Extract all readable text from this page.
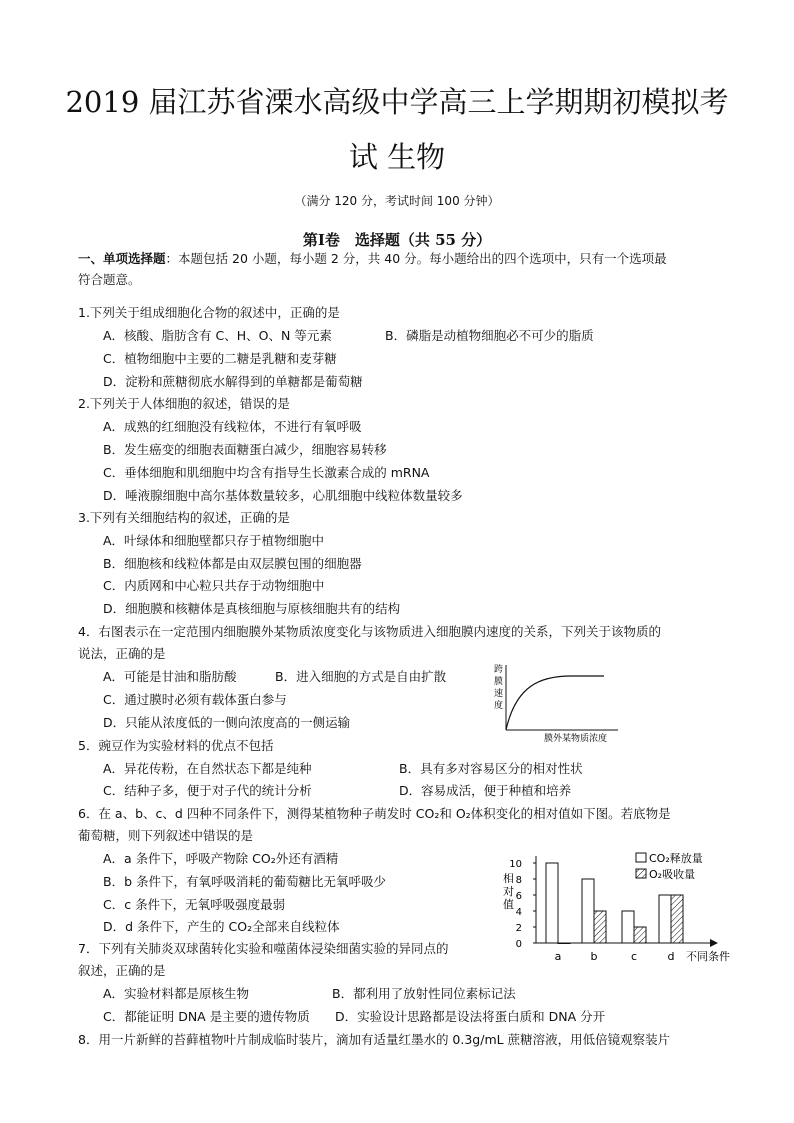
2019 届江苏省溧水高级中学高三上学期期初模拟考
试 生物
（满分 120 分，考试时间 100 分钟）
第Ⅰ卷　选择题（共 55 分）
一、单项选择题：本题包括 20 小题，每小题 2 分，共 40 分。每小题给出的四个选项中，只有一个选项最
符合题意。
1.下列关于组成细胞化合物的叙述中，正确的是
A．核酸、脂肪含有 C、H、O、N 等元素	B．磷脂是动植物细胞必不可少的脂质
C．植物细胞中主要的二糖是乳糖和麦芽糖
D．淀粉和蔗糖彻底水解得到的单糖都是葡萄糖
2.下列关于人体细胞的叙述，错误的是
A．成熟的红细胞没有线粒体，不进行有氧呼吸
B．发生癌变的细胞表面糖蛋白减少，细胞容易转移
C．垂体细胞和肌细胞中均含有指导生长激素合成的 mRNA
D．唾液腺细胞中高尔基体数量较多，心肌细胞中线粒体数量较多
3.下列有关细胞结构的叙述，正确的是
A．叶绿体和细胞壁都只存于植物细胞中
B．细胞核和线粒体都是由双层膜包围的细胞器
C．内质网和中心粒只共存于动物细胞中
D．细胞膜和核糖体是真核细胞与原核细胞共有的结构
4．右图表示在一定范围内细胞膜外某物质浓度变化与该物质进入细胞膜内速度的关系，下列关于该物质的
说法，正确的是
A．可能是甘油和脂肪酸	B．进入细胞的方式是自由扩散
C．通过膜时必须有载体蛋白参与
D．只能从浓度低的一侧向浓度高的一侧运输
跨
膜
速
度
膜外某物质浓度
5．豌豆作为实验材料的优点不包括
A．异花传粉，在自然状态下都是纯种	B．具有多对容易区分的相对性状
C．结种子多，便于对子代的统计分析	D．容易成活，便于种植和培养
6．在 a、b、c、d 四种不同条件下，测得某植物种子萌发时 CO₂和 O₂体积变化的相对值如下图。若底物是
葡萄糖，则下列叙述中错误的是
A．a 条件下，呼吸产物除 CO₂外还有酒精
B．b 条件下，有氧呼吸消耗的葡萄糖比无氧呼吸少
C．c 条件下，无氧呼吸强度最弱
D．d 条件下，产生的 CO₂全部来自线粒体
相
对
值
不同条件
0
2
4
6
8
10
a	b	c	d
CO₂释放量
O₂吸收量
7．下列有关肺炎双球菌转化实验和噬菌体浸染细菌实验的异同点的
叙述，正确的是
A．实验材料都是原核生物	B．都利用了放射性同位素标记法
C．都能证明 DNA 是主要的遗传物质 D．实验设计思路都是设法将蛋白质和 DNA 分开
8．用一片新鲜的苔藓植物叶片制成临时装片，滴加有适量红墨水的 0.3g/mL 蔗糖溶液，用低倍镜观察装片
